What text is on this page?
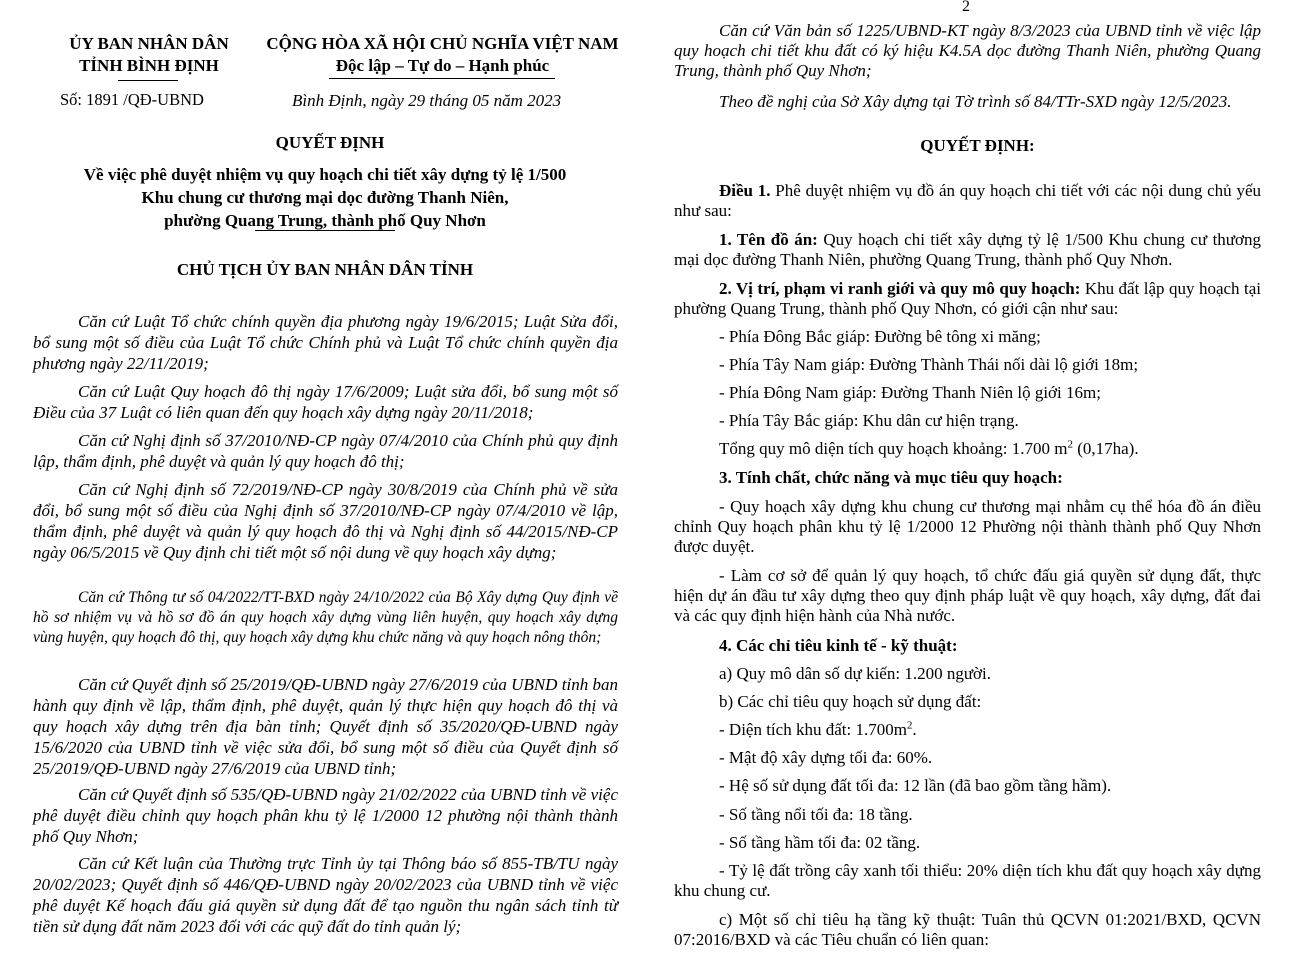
ỦY BAN NHÂN DÂN
TỈNH BÌNH ĐỊNH
Số: 1891 /QĐ-UBND
CỘNG HÒA XÃ HỘI CHỦ NGHĨA VIỆT NAM
Độc lập – Tự do – Hạnh phúc
Bình Định, ngày 29 tháng 05 năm 2023
QUYẾT ĐỊNH
Về việc phê duyệt nhiệm vụ quy hoạch chi tiết xây dựng tỷ lệ 1/500
Khu chung cư thương mại dọc đường Thanh Niên,
phường Quang Trung, thành phố Quy Nhơn
CHỦ TỊCH ỦY BAN NHÂN DÂN TỈNH
Căn cứ Luật Tổ chức chính quyền địa phương ngày 19/6/2015; Luật Sửa đổi, bổ sung một số điều của Luật Tổ chức Chính phủ và Luật Tổ chức chính quyền địa phương ngày 22/11/2019;
Căn cứ Luật Quy hoạch đô thị ngày 17/6/2009; Luật sửa đổi, bổ sung một số Điều của 37 Luật có liên quan đến quy hoạch xây dựng ngày 20/11/2018;
Căn cứ Nghị định số 37/2010/NĐ-CP ngày 07/4/2010 của Chính phủ quy định lập, thẩm định, phê duyệt và quản lý quy hoạch đô thị;
Căn cứ Nghị định số 72/2019/NĐ-CP ngày 30/8/2019 của Chính phủ về sửa đổi, bổ sung một số điều của Nghị định số 37/2010/NĐ-CP ngày 07/4/2010 về lập, thẩm định, phê duyệt và quản lý quy hoạch đô thị và Nghị định số 44/2015/NĐ-CP ngày 06/5/2015 về Quy định chi tiết một số nội dung về quy hoạch xây dựng;
Căn cứ Thông tư số 04/2022/TT-BXD ngày 24/10/2022 của Bộ Xây dựng Quy định về hồ sơ nhiệm vụ và hồ sơ đồ án quy hoạch xây dựng vùng liên huyện, quy hoạch xây dựng vùng huyện, quy hoạch đô thị, quy hoạch xây dựng khu chức năng và quy hoạch nông thôn;
Căn cứ Quyết định số 25/2019/QĐ-UBND ngày 27/6/2019 của UBND tỉnh ban hành quy định về lập, thẩm định, phê duyệt, quản lý thực hiện quy hoạch đô thị và quy hoạch xây dựng trên địa bàn tỉnh; Quyết định số 35/2020/QĐ-UBND ngày 15/6/2020 của UBND tỉnh về việc sửa đổi, bổ sung một số điều của Quyết định số 25/2019/QĐ-UBND ngày 27/6/2019 của UBND tỉnh;
Căn cứ Quyết định số 535/QĐ-UBND ngày 21/02/2022 của UBND tỉnh về việc phê duyệt điều chỉnh quy hoạch phân khu tỷ lệ 1/2000 12 phường nội thành thành phố Quy Nhơn;
Căn cứ Kết luận của Thường trực Tỉnh ủy tại Thông báo số 855-TB/TU ngày 20/02/2023; Quyết định số 446/QĐ-UBND ngày 20/02/2023 của UBND tỉnh về việc phê duyệt Kế hoạch đấu giá quyền sử dụng đất để tạo nguồn thu ngân sách tỉnh từ tiền sử dụng đất năm 2023 đối với các quỹ đất do tỉnh quản lý;
2
Căn cứ Văn bản số 1225/UBND-KT ngày 8/3/2023 của UBND tỉnh về việc lập quy hoạch chi tiết khu đất có ký hiệu K4.5A dọc đường Thanh Niên, phường Quang Trung, thành phố Quy Nhơn;
Theo đề nghị của Sở Xây dựng tại Tờ trình số 84/TTr-SXD ngày 12/5/2023.
QUYẾT ĐỊNH:
Điều 1. Phê duyệt nhiệm vụ đồ án quy hoạch chi tiết với các nội dung chủ yếu như sau:
1. Tên đồ án: Quy hoạch chi tiết xây dựng tỷ lệ 1/500 Khu chung cư thương mại dọc đường Thanh Niên, phường Quang Trung, thành phố Quy Nhơn.
2. Vị trí, phạm vi ranh giới và quy mô quy hoạch: Khu đất lập quy hoạch tại phường Quang Trung, thành phố Quy Nhơn, có giới cận như sau:
- Phía Đông Bắc giáp: Đường bê tông xi măng;
- Phía Tây Nam giáp: Đường Thành Thái nối dài lộ giới 18m;
- Phía Đông Nam giáp: Đường Thanh Niên lộ giới 16m;
- Phía Tây Bắc giáp: Khu dân cư hiện trạng.
Tổng quy mô diện tích quy hoạch khoảng: 1.700 $m^2$ (0,17ha).
3. Tính chất, chức năng và mục tiêu quy hoạch:
- Quy hoạch xây dựng khu chung cư thương mại nhằm cụ thể hóa đồ án điều chỉnh Quy hoạch phân khu tỷ lệ 1/2000 12 Phường nội thành thành phố Quy Nhơn được duyệt.
- Làm cơ sở để quản lý quy hoạch, tổ chức đấu giá quyền sử dụng đất, thực hiện dự án đầu tư xây dựng theo quy định pháp luật về quy hoạch, xây dựng, đất đai và các quy định hiện hành của Nhà nước.
4. Các chỉ tiêu kinh tế - kỹ thuật:
a) Quy mô dân số dự kiến: 1.200 người.
b) Các chỉ tiêu quy hoạch sử dụng đất:
- Diện tích khu đất: $1.700m^2$.
- Mật độ xây dựng tối đa: 60%.
- Hệ số sử dụng đất tối đa: 12 lần (đã bao gồm tầng hầm).
- Số tầng nổi tối đa: 18 tầng.
- Số tầng hầm tối đa: 02 tầng.
- Tỷ lệ đất trồng cây xanh tối thiểu: 20% diện tích khu đất quy hoạch xây dựng khu chung cư.
c) Một số chỉ tiêu hạ tầng kỹ thuật: Tuân thủ QCVN 01:2021/BXD, QCVN 07:2016/BXD và các Tiêu chuẩn có liên quan:
